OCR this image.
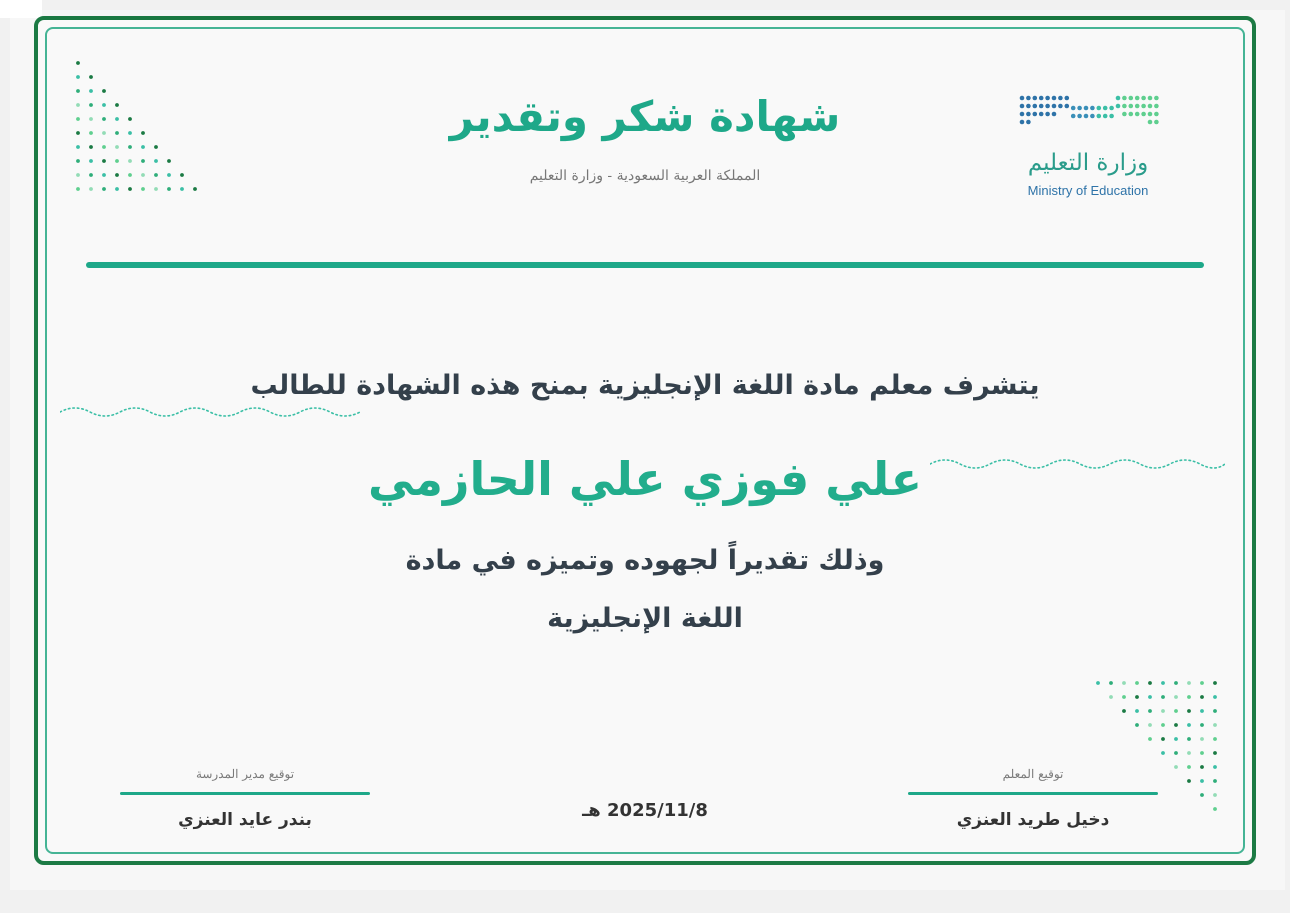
وزارة التعليم
Ministry of Education
شهادة شكر وتقدير
المملكة العربية السعودية - وزارة التعليم
يتشرف معلم مادة اللغة الإنجليزية بمنح هذه الشهادة للطالب
علي فوزي علي الحازمي
وذلك تقديراً لجهوده وتميزه في مادة
اللغة الإنجليزية
توقيع مدير المدرسة
بندر عايد العنزي	2025/11/8 هـ
توقيع المعلم
دخيل طريد العنزي
